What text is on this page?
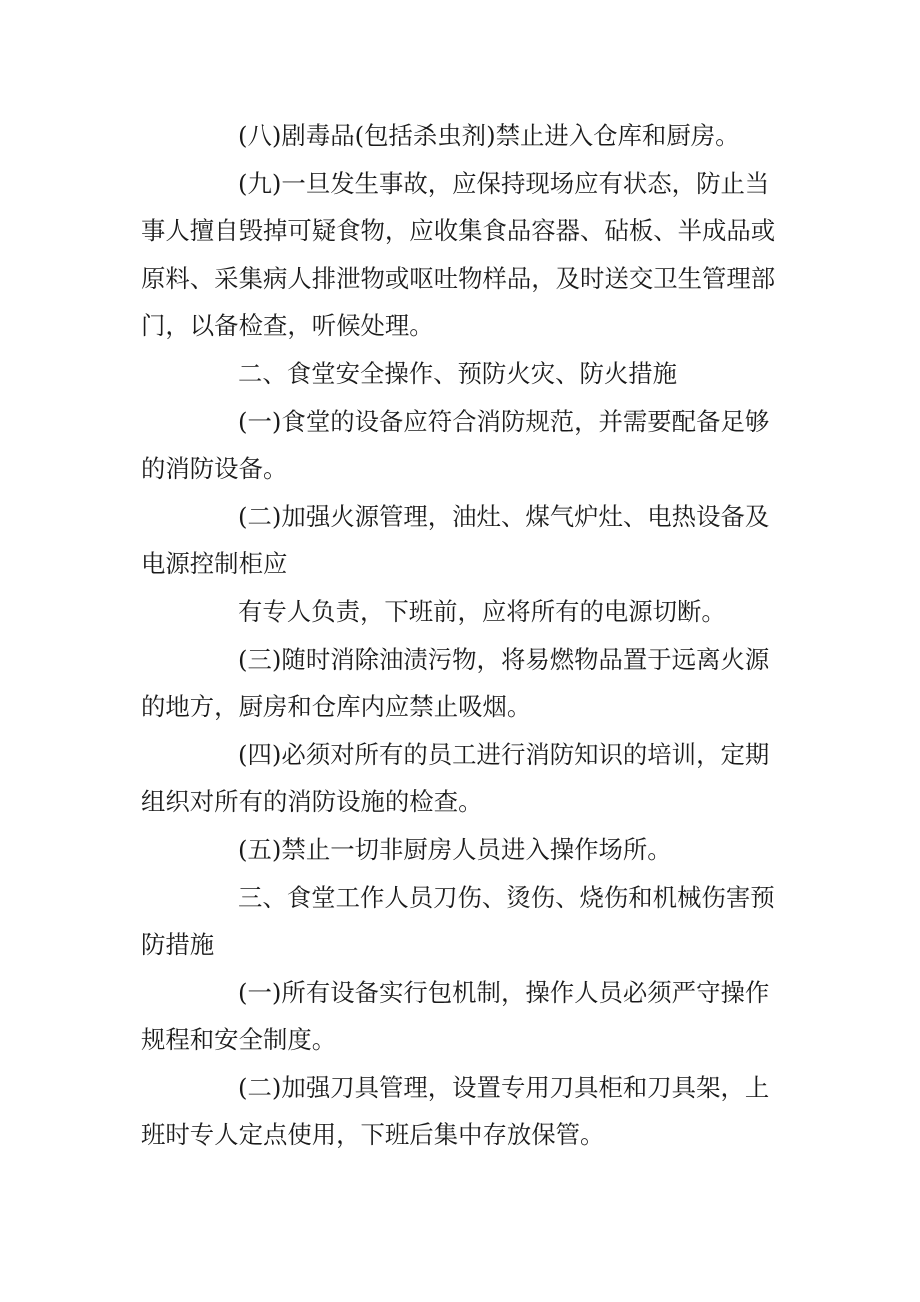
(八)剧毒品(包括杀虫剂)禁止进入仓库和厨房。

(九)一旦发生事故，应保持现场应有状态，防止当事人擅自毁掉可疑食物，应收集食品容器、砧板、半成品或原料、采集病人排泄物或呕吐物样品，及时送交卫生管理部门，以备检查，听候处理。

二、食堂安全操作、预防火灾、防火措施

(一)食堂的设备应符合消防规范，并需要配备足够的消防设备。

(二)加强火源管理，油灶、煤气炉灶、电热设备及电源控制柜应

有专人负责，下班前，应将所有的电源切断。

(三)随时消除油渍污物，将易燃物品置于远离火源的地方，厨房和仓库内应禁止吸烟。

(四)必须对所有的员工进行消防知识的培训，定期组织对所有的消防设施的检查。

(五)禁止一切非厨房人员进入操作场所。

三、食堂工作人员刀伤、烫伤、烧伤和机械伤害预防措施

(一)所有设备实行包机制，操作人员必须严守操作规程和安全制度。

(二)加强刀具管理，设置专用刀具柜和刀具架，上班时专人定点使用，下班后集中存放保管。
